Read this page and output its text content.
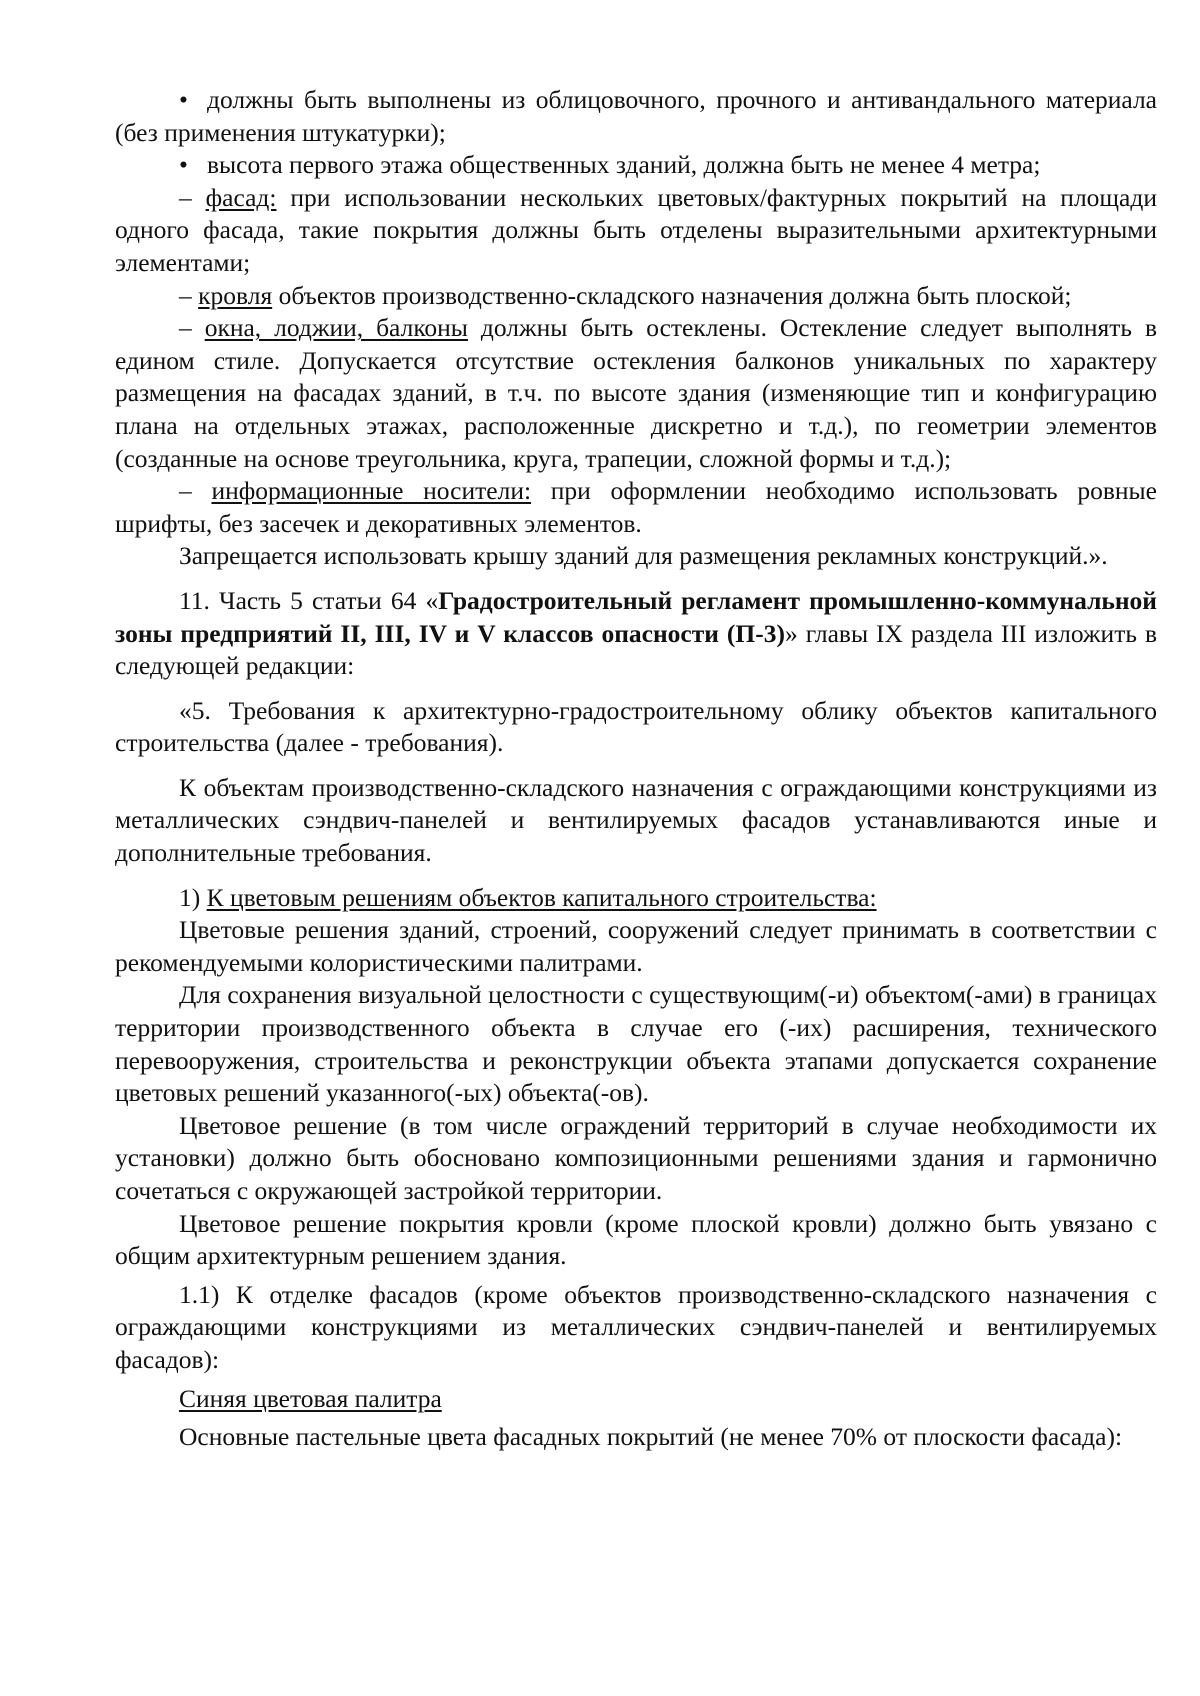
• должны быть выполнены из облицовочного, прочного и антивандального материала (без применения штукатурки);

• высота первого этажа общественных зданий, должна быть не менее 4 метра;

– фасад: при использовании нескольких цветовых/фактурных покрытий на площади одного фасада, такие покрытия должны быть отделены выразительными архитектурными элементами;

– кровля объектов производственно-складского назначения должна быть плоской;

– окна, лоджии, балконы должны быть остеклены. Остекление следует выполнять в едином стиле. Допускается отсутствие остекления балконов уникальных по характеру размещения на фасадах зданий, в т.ч. по высоте здания (изменяющие тип и конфигурацию плана на отдельных этажах, расположенные дискретно и т.д.), по геометрии элементов (созданные на основе треугольника, круга, трапеции, сложной формы и т.д.);

– информационные носители: при оформлении необходимо использовать ровные шрифты, без засечек и декоративных элементов.

Запрещается использовать крышу зданий для размещения рекламных конструкций.».

11. Часть 5 статьи 64 «Градостроительный регламент промышленно-коммунальной зоны предприятий II, III, IV и V классов опасности (П-3)» главы IX раздела III изложить в следующей редакции:

«5. Требования к архитектурно-градостроительному облику объектов капитального строительства (далее - требования).

К объектам производственно-складского назначения с ограждающими конструкциями из металлических сэндвич-панелей и вентилируемых фасадов устанавливаются иные и дополнительные требования.

1) К цветовым решениям объектов капитального строительства:

Цветовые решения зданий, строений, сооружений следует принимать в соответствии с рекомендуемыми колористическими палитрами.

Для сохранения визуальной целостности с существующим(-и) объектом(-ами) в границах территории производственного объекта в случае его (-их) расширения, технического перевооружения, строительства и реконструкции объекта этапами допускается сохранение цветовых решений указанного(-ых) объекта(-ов).

Цветовое решение (в том числе ограждений территорий в случае необходимости их установки) должно быть обосновано композиционными решениями здания и гармонично сочетаться с окружающей застройкой территории.

Цветовое решение покрытия кровли (кроме плоской кровли) должно быть увязано с общим архитектурным решением здания.

1.1) К отделке фасадов (кроме объектов производственно-складского назначения с ограждающими конструкциями из металлических сэндвич-панелей и вентилируемых фасадов):

Синяя цветовая палитра

Основные пастельные цвета фасадных покрытий (не менее 70% от плоскости фасада):
